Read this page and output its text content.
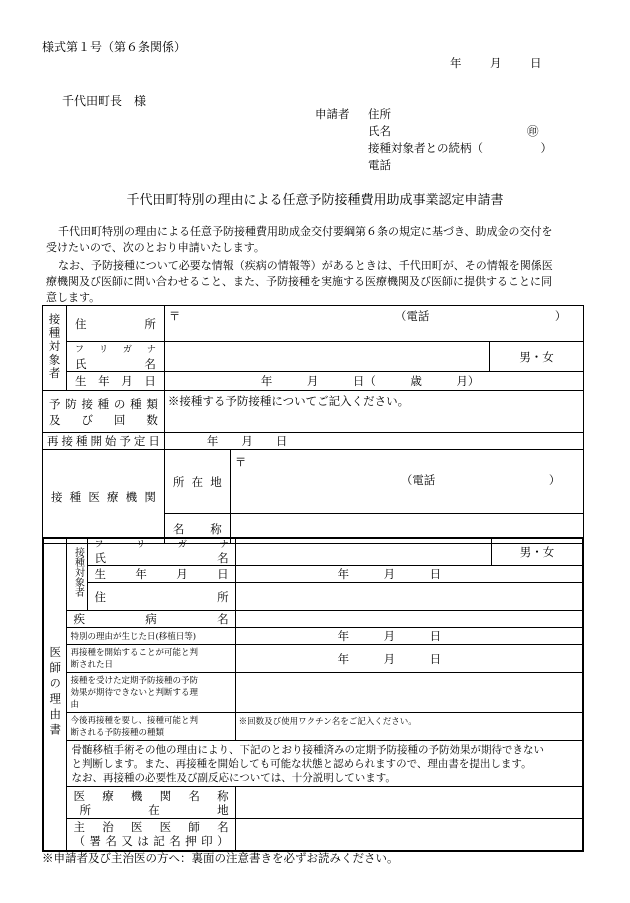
様式第１号（第６条関係）
年 月 日
千代田町長　様
申請者 住所
氏名	㊞
接種対象者との続柄（　　　　　）
電話
千代田町特別の理由による任意予防接種費用助成事業認定申請書
千代田町特別の理由による任意予防接種費用助成金交付要綱第６条の規定に基づき、助成金の交付を
受けたいので、次のとおり申請いたします。
なお、予防接種について必要な情報（疾病の情報等）があるときは、千代田町が、その情報を関係医
療機関及び医師に問い合わせること、また、予防接種を実施する医療機関及び医師に提供することに同
意します。
接種対象者	住　　　所	〒 （電話 ）		

	フ　リ　ガ　ナ
氏　　　名			男・女
	生　年　月　日	年　　　月　　　日（　　　歳　　　月）		

予防接種の種類
及　び　回　数		※接種する予防接種についてご記入ください。		
再接種開始予定日		年　　月　　日		
接種医療機関		所 在 地	〒
（電話 ）	

		名　　称		
医師の理由書	接種対象者	フ　リ　ガ　ナ
氏　　　　名		男・女
		生　年　月　日	年　　　月　　　日	
		住　　　　所		
	疾　　病　　名			
	特別の理由が生じた日(移植日等)		年　　　月　　　日	

	再接種を開始することが可能と判
断された日		年　　　月　　　日	

	接種を受けた定期予防接種の予防
効果が期待できないと判断する理
由			

	今後再接種を要し、接種可能と判
断される予防接種の種類		※回数及び使用ワクチン名をご記入ください。	

	骨髄移植手術その他の理由により、下記のとおり接種済みの定期予防接種の予防効果が期待できない
と判断します。また、再接種を開始しても可能な状態と認められますので、理由書を提出します。
なお、再接種の必要性及び副反応については、十分説明しています。			

	医　療　機　関　名　称
所　　　在　　　地			

	主　治　医　医　師　名
（署名又は記名押印）			

※申請者及び主治医の方へ：裏面の注意書きを必ずお読みください。
